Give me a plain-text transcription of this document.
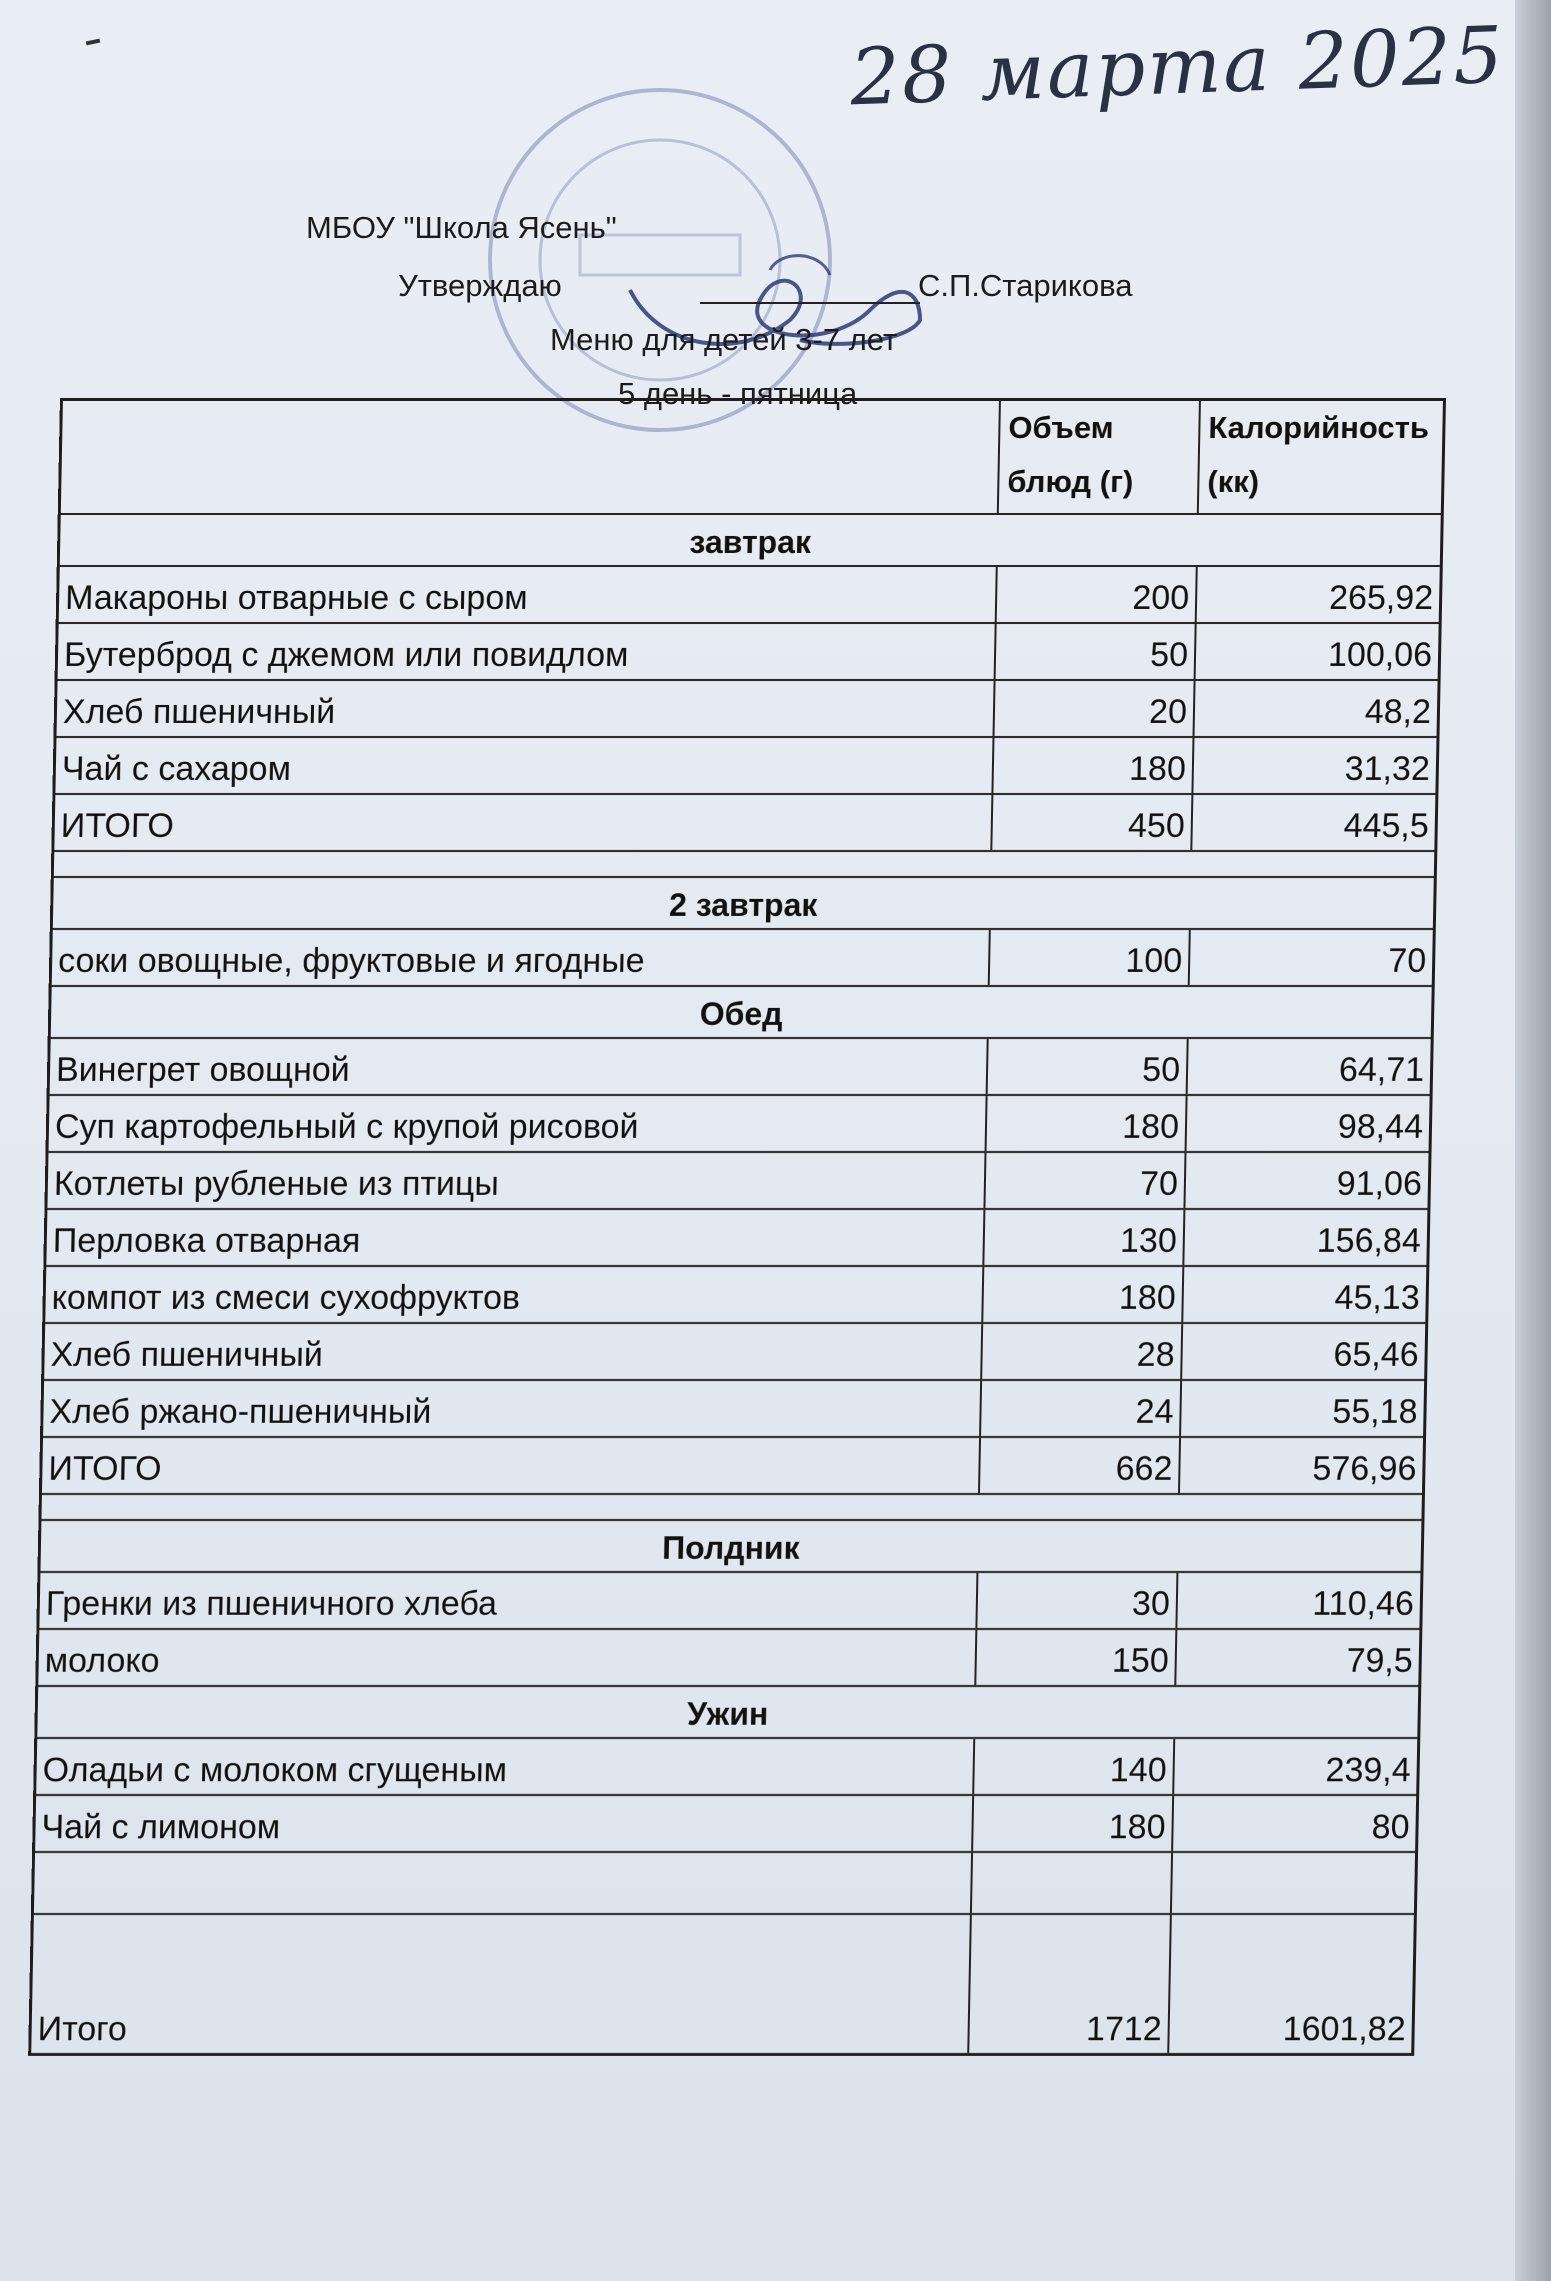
28 марта 2025
МБОУ "Школа Ясень"
Утверждаю	С.П.Старикова
Меню для детей 3-7 лет
5 день - пятница
Объем блюд (г)
Калорийность (кк)
завтрак
Макароны отварные с сыром	200	265,92
Бутерброд с джемом или повидлом	50	100,06
Хлеб пшеничный	20	48,2
Чай с сахаром	180	31,32
ИТОГО	450	445,5
2 завтрак
соки овощные, фруктовые и ягодные	100	70
Обед
Винегрет овощной	50	64,71
Суп картофельный с крупой рисовой	180	98,44
Котлеты рубленые из птицы	70	91,06
Перловка отварная	130	156,84
компот из смеси сухофруктов	180	45,13
Хлеб пшеничный	28	65,46
Хлеб ржано-пшеничный	24	55,18
ИТОГО	662	576,96
Полдник
Гренки из пшеничного хлеба	30	110,46
молоко	150	79,5
Ужин
Оладьи с молоком сгущеным	140	239,4
Чай с лимоном	180	80
Итого	1712	1601,82
